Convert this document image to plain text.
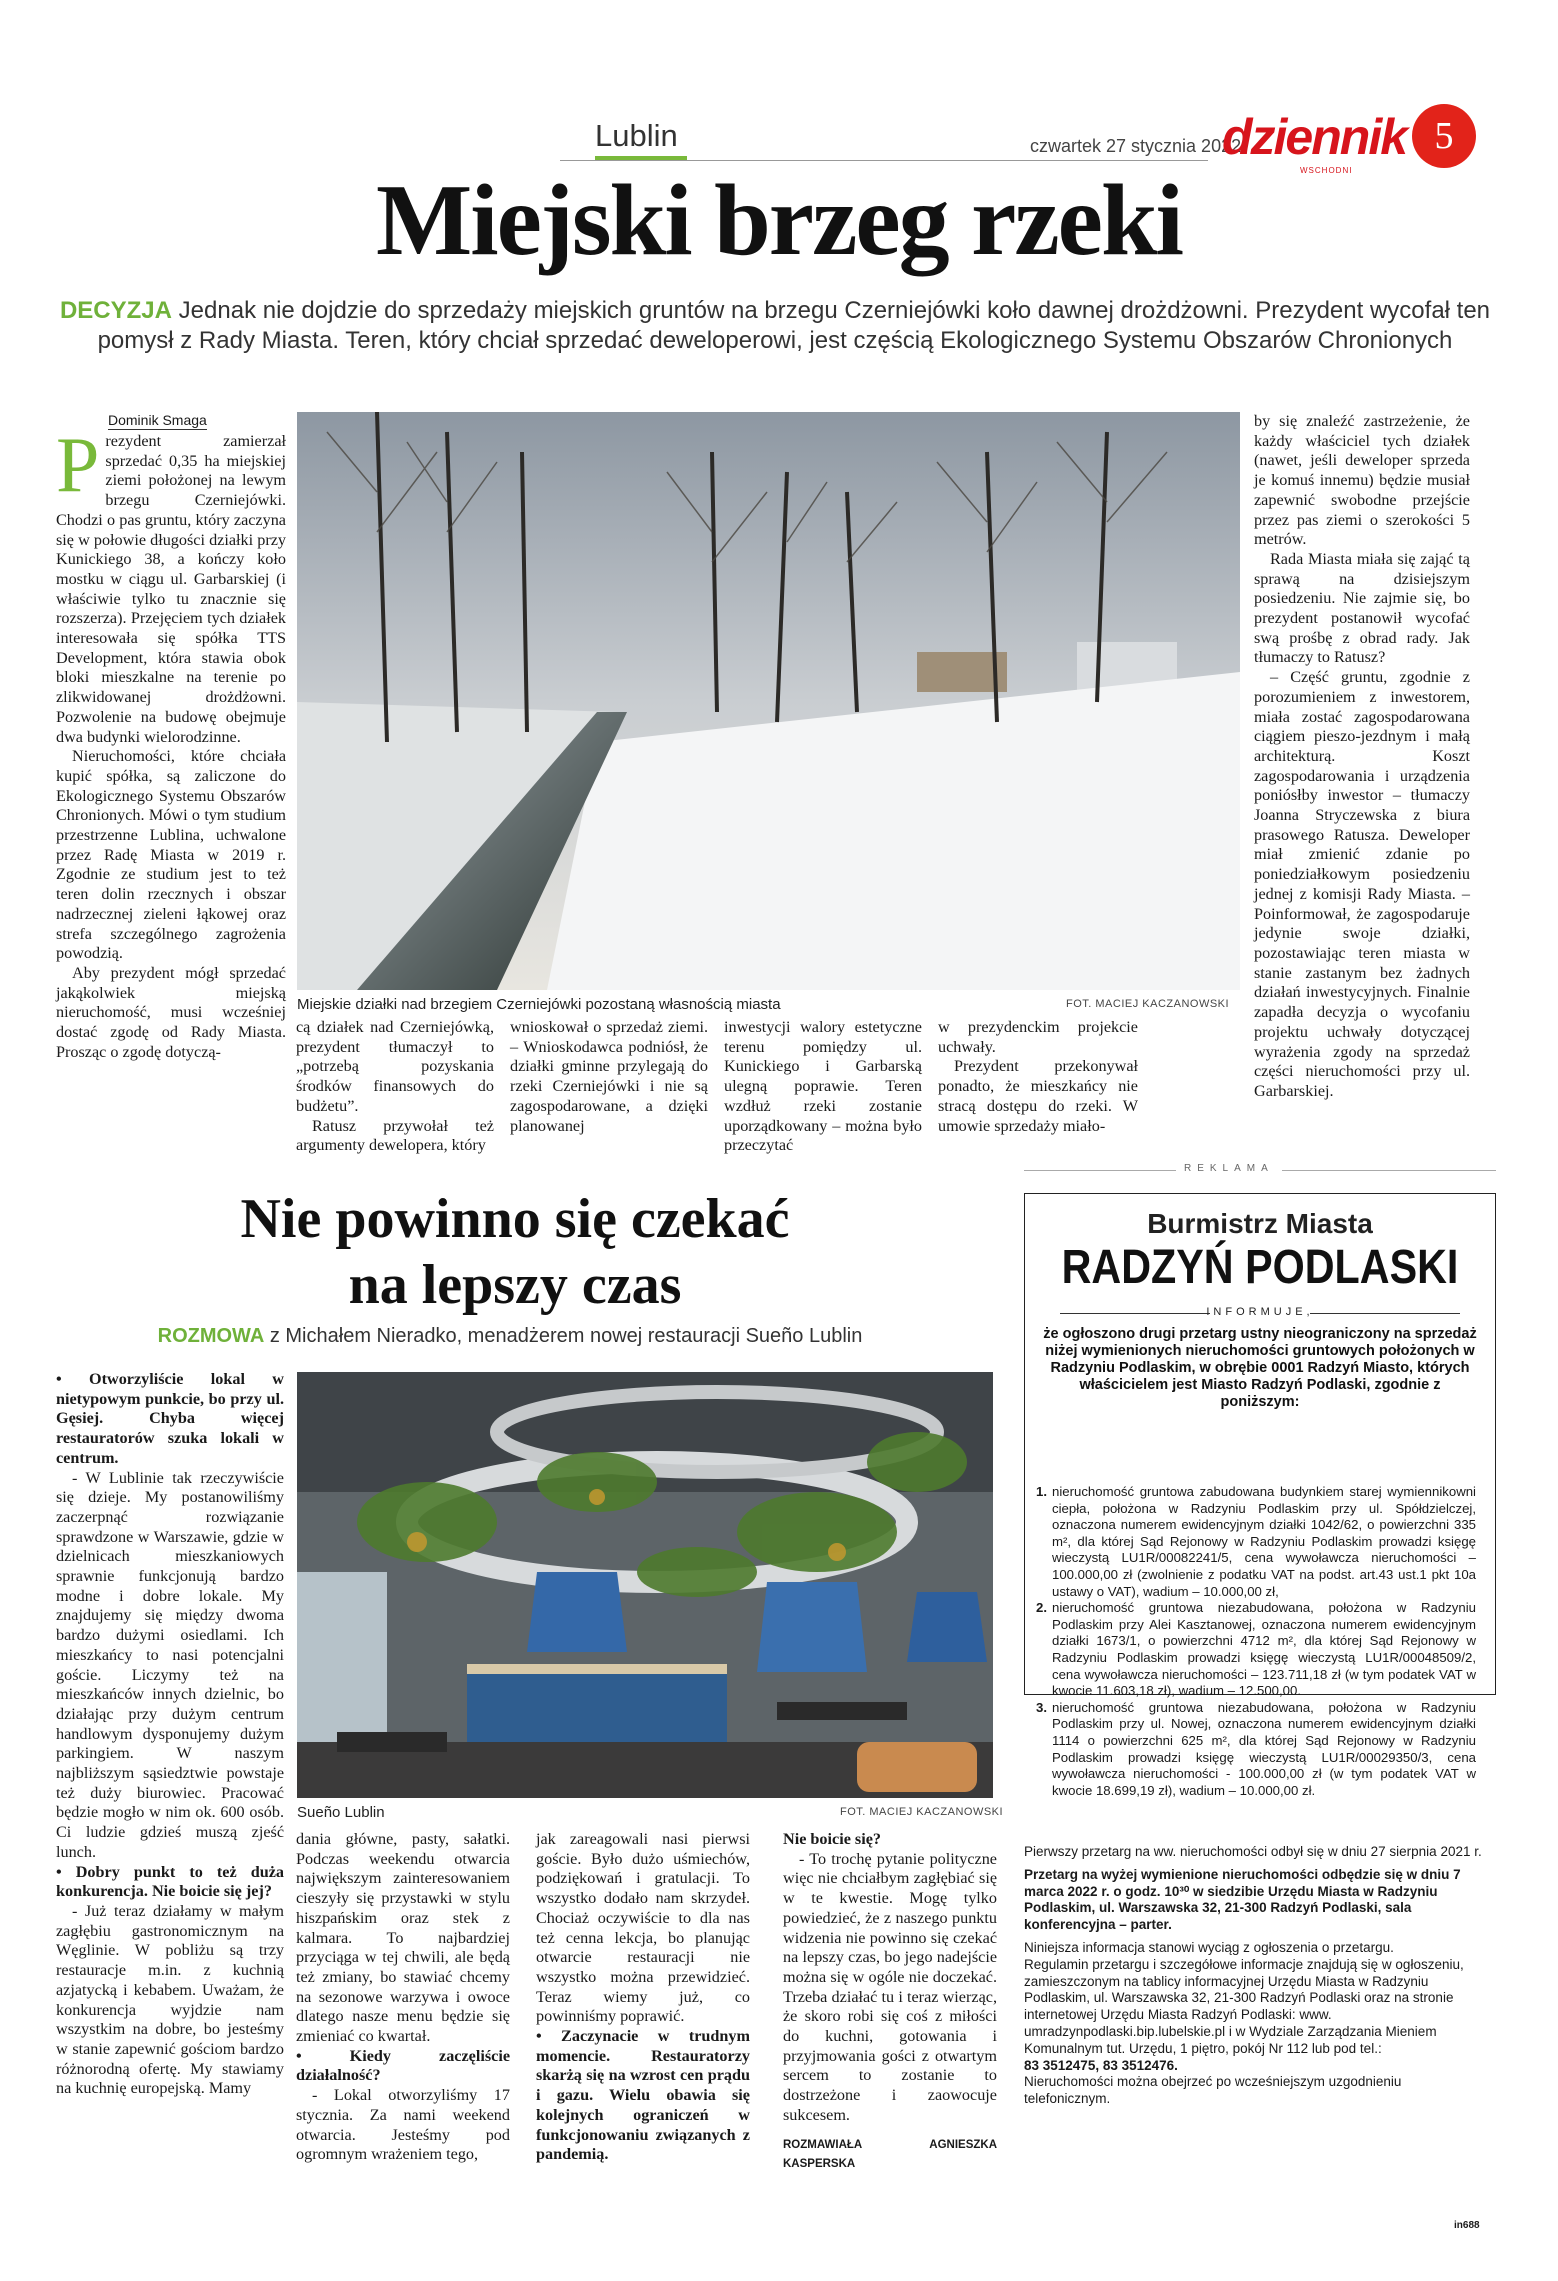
Lublin	czwartek 27 stycznia 2022
dziennik
WSCHODNI
5
Miejski brzeg rzeki
DECYZJA Jednak nie dojdzie do sprzedaży miejskich gruntów na brzegu Czerniejówki koło dawnej drożdżowni. Prezydent wycofał ten pomysł z Rady Miasta. Teren, który chciał sprzedać deweloperowi, jest częścią Ekologicznego Systemu Obszarów Chronionych
Dominik Smaga
P rezydent zamierzał sprzedać 0,35 ha miejskiej ziemi położonej na lewym brzegu Czerniejówki. Chodzi o pas gruntu, który zaczyna się w połowie długości działki przy Kunickiego 38, a kończy koło mostku w ciągu ul. Garbarskiej (i właściwie tylko tu znacznie się rozszerza). Przejęciem tych działek interesowała się spółka TTS Development, która stawia obok bloki mieszkalne na terenie po zlikwidowanej drożdżowni. Pozwolenie na budowę obejmuje dwa budynki wielorodzinne.

Nieruchomości, które chciała kupić spółka, są zaliczone do Ekologicznego Systemu Obszarów Chronionych. Mówi o tym studium przestrzenne Lublina, uchwalone przez Radę Miasta w 2019 r. Zgodnie ze studium jest to też teren dolin rzecznych i obszar nadrzecznej zieleni łąkowej oraz strefa szczególnego zagrożenia powodzią.

Aby prezydent mógł sprzedać jakąkolwiek miejską nieruchomość, musi wcześniej dostać zgodę od Rady Miasta. Prosząc o zgodę dotyczą-

Miejskie działki nad brzegiem Czerniejówki pozostaną własnością miasta	FOT. MACIEJ KACZANOWSKI

cą działek nad Czerniejówką, prezydent tłumaczył to „potrzebą pozyskania środków finansowych do budżetu”.

Ratusz przywołał też argumenty dewelopera, który

wnioskował o sprzedaż ziemi. – Wnioskodawca podniósł, że działki gminne przylegają do rzeki Czerniejówki i nie są zagospodarowane, a dzięki planowanej

inwestycji walory estetyczne terenu pomiędzy ul. Kunickiego i Garbarską ulegną poprawie. Teren wzdłuż rzeki zostanie uporządkowany – można było przeczytać

w prezydenckim projekcie uchwały.

Prezydent przekonywał ponadto, że mieszkańcy nie stracą dostępu do rzeki. W umowie sprzedaży miało-

by się znaleźć zastrzeżenie, że każdy właściciel tych działek (nawet, jeśli deweloper sprzeda je komuś innemu) będzie musiał zapewnić swobodne przejście przez pas ziemi o szerokości 5 metrów.

Rada Miasta miała się zająć tą sprawą na dzisiejszym posiedzeniu. Nie zajmie się, bo prezydent postanowił wycofać swą prośbę z obrad rady. Jak tłumaczy to Ratusz?

– Część gruntu, zgodnie z porozumieniem z inwestorem, miała zostać zagospodarowana ciągiem pieszo-jezdnym i małą architekturą. Koszt zagospodarowania i urządzenia poniósłby inwestor – tłumaczy Joanna Stryczewska z biura prasowego Ratusza. Deweloper miał zmienić zdanie po poniedziałkowym posiedzeniu jednej z komisji Rady Miasta. – Poinformował, że zagospodaruje jedynie swoje działki, pozostawiając teren miasta w stanie zastanym bez żadnych działań inwestycyjnych. Finalnie zapadła decyzja o wycofaniu projektu uchwały dotyczącej wyrażenia zgody na sprzedaż części nieruchomości przy ul. Garbarskiej.

REKLAMA
Nie powinno się czekać
na lepszy czas
ROZMOWA z Michałem Nieradko, menadżerem nowej restauracji Sueño Lublin

• Otworzyliście lokal w nietypowym punkcie, bo przy ul. Gęsiej. Chyba więcej restauratorów szuka lokali w centrum.

- W Lublinie tak rzeczywiście się dzieje. My postanowiliśmy zaczerpnąć rozwiązanie sprawdzone w Warszawie, gdzie w dzielnicach mieszkaniowych sprawnie funkcjonują bardzo modne i dobre lokale. My znajdujemy się między dwoma bardzo dużymi osiedlami. Ich mieszkańcy to nasi potencjalni goście. Liczymy też na mieszkańców innych dzielnic, bo działając przy dużym centrum handlowym dysponujemy dużym parkingiem. W naszym najbliższym sąsiedztwie powstaje też duży biurowiec. Pracować będzie mogło w nim ok. 600 osób. Ci ludzie gdzieś muszą zjeść lunch.

• Dobry punkt to też duża konkurencja. Nie boicie się jej?

- Już teraz działamy w małym zagłębiu gastronomicznym na Węglinie. W pobliżu są trzy restauracje m.in. z kuchnią azjatycką i kebabem. Uważam, że konkurencja wyjdzie nam wszystkim na dobre, bo jesteśmy w stanie zapewnić gościom bardzo różnorodną ofertę. My stawiamy na kuchnię europejską. Mamy

Sueño Lublin	FOT. MACIEJ KACZANOWSKI

dania główne, pasty, sałatki. Podczas weekendu otwarcia największym zainteresowaniem cieszyły się przystawki w stylu hiszpańskim oraz stek z kalmara. To najbardziej przyciąga w tej chwili, ale będą też zmiany, bo stawiać chcemy na sezonowe warzywa i owoce dlatego nasze menu będzie się zmieniać co kwartał.

• Kiedy zaczęliście działalność?

- Lokal otworzyliśmy 17 stycznia. Za nami weekend otwarcia. Jesteśmy pod ogromnym wrażeniem tego,

jak zareagowali nasi pierwsi goście. Było dużo uśmiechów, podziękowań i gratulacji. To wszystko dodało nam skrzydeł. Chociaż oczywiście to dla nas też cenna lekcja, bo planując otwarcie restauracji nie wszystko można przewidzieć. Teraz wiemy już, co powinniśmy poprawić.

• Zaczynacie w trudnym momencie. Restauratorzy skarżą się na wzrost cen prądu i gazu. Wielu obawia się kolejnych ograniczeń w funkcjonowaniu związanych z pandemią.

Nie boicie się?

- To trochę pytanie polityczne więc nie chciałbym zagłębiać się w te kwestie. Mogę tylko powiedzieć, że z naszego punktu widzenia nie powinno się czekać na lepszy czas, bo jego nadejście można się w ogóle nie doczekać. Trzeba działać tu i teraz wierząc, że skoro robi się coś z miłości do kuchni, gotowania i przyjmowania gości z otwartym sercem to zostanie to dostrzeżone i zaowocuje sukcesem.

ROZMAWIAŁA AGNIESZKA KASPERSKA

Burmistrz Miasta
RADZYŃ PODLASKI
INFORMUJE,
że ogłoszono drugi przetarg ustny nieograniczony na sprzedaż niżej wymienionych nieruchomości gruntowych położonych w Radzyniu Podlaskim, w obrębie 0001 Radzyń Miasto, których właścicielem jest Miasto Radzyń Podlaski, zgodnie z poniższym:
1. nieruchomość gruntowa zabudowana budynkiem starej wymiennikowni ciepła, położona w Radzyniu Podlaskim przy ul. Spółdzielczej, oznaczona numerem ewidencyjnym działki 1042/62, o powierzchni 335 m², dla której Sąd Rejonowy w Radzyniu Podlaskim prowadzi księgę wieczystą LU1R/00082241/5, cena wywoławcza nieruchomości – 100.000,00 zł (zwolnienie z podatku VAT na podst. art.43 ust.1 pkt 10a ustawy o VAT), wadium – 10.000,00 zł,
2. nieruchomość gruntowa niezabudowana, położona w Radzyniu Podlaskim przy Alei Kasztanowej, oznaczona numerem ewidencyjnym działki 1673/1, o powierzchni 4712 m², dla której Sąd Rejonowy w Radzyniu Podlaskim prowadzi księgę wieczystą LU1R/00048509/2, cena wywoławcza nieruchomości – 123.711,18 zł (w tym podatek VAT w kwocie 11.603,18 zł), wadium – 12.500,00.
3. nieruchomość gruntowa niezabudowana, położona w Radzyniu Podlaskim przy ul. Nowej, oznaczona numerem ewidencyjnym działki 1114 o powierzchni 625 m², dla której Sąd Rejonowy w Radzyniu Podlaskim prowadzi księgę wieczystą LU1R/00029350/3, cena wywoławcza nieruchomości - 100.000,00 zł (w tym podatek VAT w kwocie 18.699,19 zł), wadium – 10.000,00 zł.

Pierwszy przetarg na ww. nieruchomości odbył się w dniu 27 sierpnia 2021 r.

Przetarg na wyżej wymienione nieruchomości odbędzie się w dniu 7 marca 2022 r. o godz. 10³⁰ w siedzibie Urzędu Miasta w Radzyniu Podlaskim, ul. Warszawska 32, 21-300 Radzyń Podlaski, sala konferencyjna – parter.

Niniejsza informacja stanowi wyciąg z ogłoszenia o przetargu.
Regulamin przetargu i szczegółowe informacje znajdują się w ogłoszeniu, zamieszczonym na tablicy informacyjnej Urzędu Miasta w Radzyniu Podlaskim, ul. Warszawska 32, 21-300 Radzyń Podlaski oraz na stronie internetowej Urzędu Miasta Radzyń Podlaski: www. umradzynpodlaski.bip.lubelskie.pl i w Wydziale Zarządzania Mieniem Komunalnym tut. Urzędu, 1 piętro, pokój Nr 112 lub pod tel.:
83 3512475, 83 3512476.
Nieruchomości można obejrzeć po wcześniejszym uzgodnieniu telefonicznym.
in688
